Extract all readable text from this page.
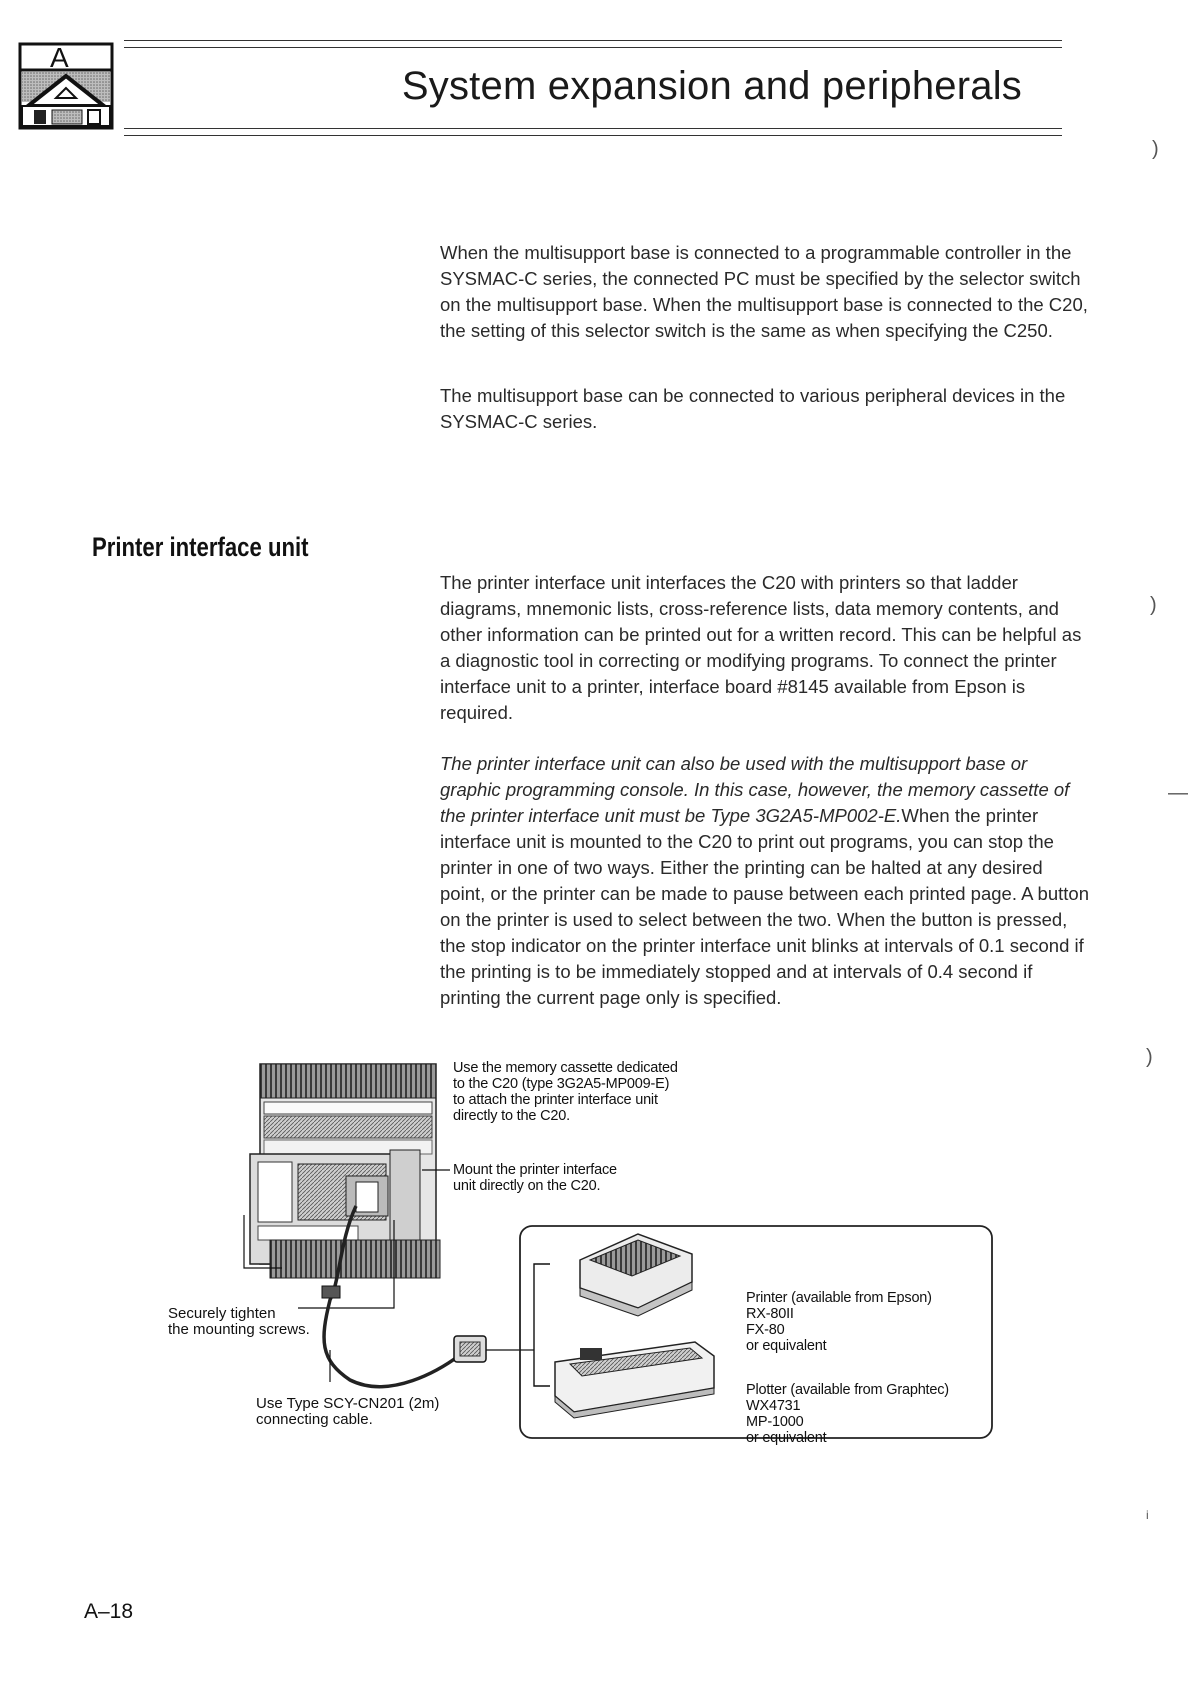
A
System expansion and peripherals

When the multisupport base is connected to a programmable controller in the SYSMAC-C series, the connected PC must be specified by the selector switch on the multisupport base. When the multisupport base is connected to the C20, the setting of this selector switch is the same as when specifying the C250.

The multisupport base can be connected to various peripheral devices in the SYSMAC-C series.

Printer interface unit

The printer interface unit interfaces the C20 with printers so that ladder diagrams, mnemonic lists, cross-reference lists, data memory contents, and other information can be printed out for a written record. This can be helpful as a diagnostic tool in correcting or modifying programs. To connect the printer interface unit to a printer, interface board #8145 available from Epson is required.

The printer interface unit can also be used with the multisupport base or graphic programming console. In this case, however, the memory cassette of the printer interface unit must be Type 3G2A5-MP002-E.When the printer interface unit is mounted to the C20 to print out programs, you can stop the printer in one of two ways. Either the printing can be halted at any desired point, or the printer can be made to pause between each printed page. A button on the printer is used to select between the two. When the button is pressed, the stop indicator on the printer interface unit blinks at intervals of 0.1 second if the printing is to be immediately stopped and at intervals of 0.4 second if printing the current page only is specified.

)
)
—
)
i
Use the memory cassette dedicated
to the C20 (type 3G2A5-MP009-E)
to attach the printer interface unit
directly to the C20.
Mount the printer interface
unit directly on the C20.
Securely tighten
the mounting screws.
Use Type SCY-CN201 (2m)
connecting cable.
Printer (available from Epson)
RX-80II
FX-80
or equivalent
Plotter (available from Graphtec)
WX4731
MP-1000
or equivalent
A–18
